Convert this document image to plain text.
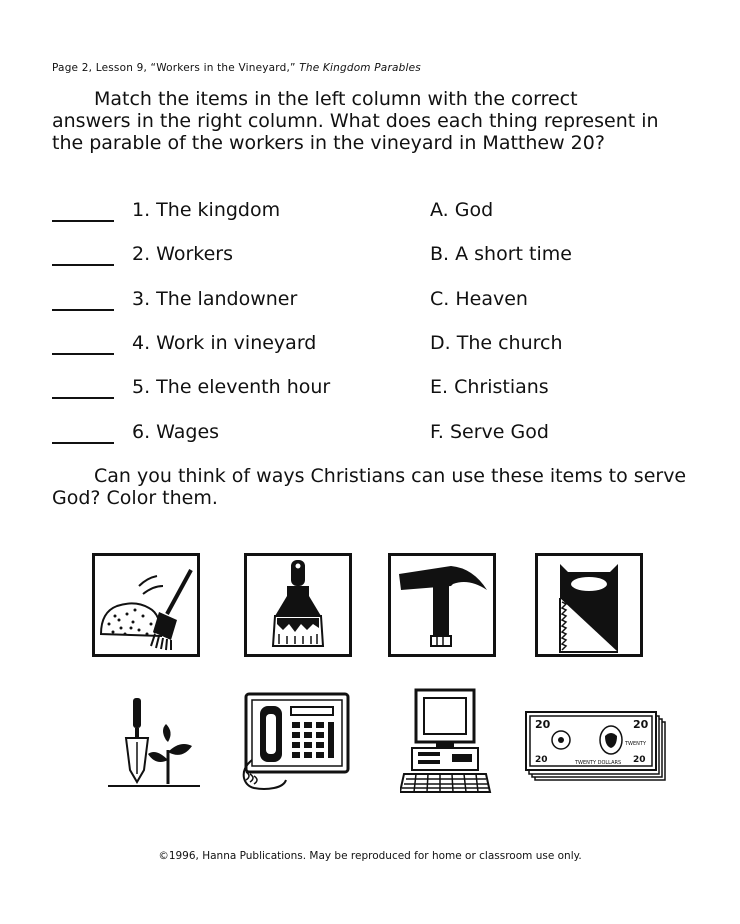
Page 2, Lesson 9, “Workers in the Vineyard,” The Kingdom Parables

Match the items in the left column with the correct answers in the right column. What does each thing represent in the parable of the workers in the vineyard in Matthew 20?

1. The kingdom	A. God
2. Workers	B. A short time
3. The landowner	C. Heaven
4. Work in vineyard	D. The church
5. The eleventh hour	E. Christians
6. Wages	F. Serve God

Can you think of ways Christians can use these items to serve God? Color them.

20	20
20	20
TWENTY
TWENTY DOLLARS
©1996, Hanna Publications. May be reproduced for home or classroom use only.
